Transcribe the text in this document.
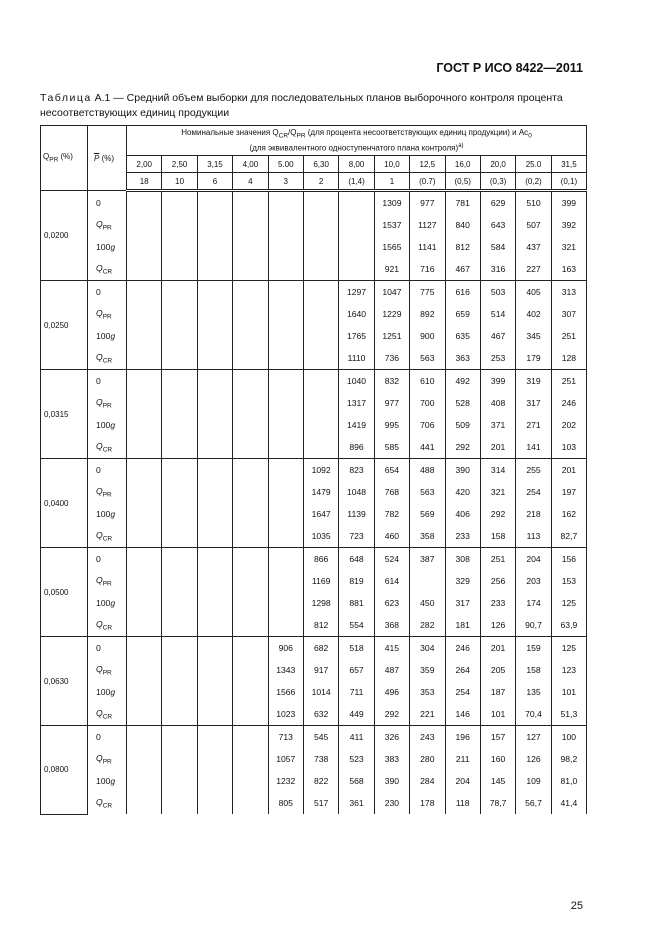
ГОСТ Р ИСО 8422—2011
Таблица А.1 — Средний объем выборки для последовательных планов выборочного контроля процента несоответствующих единиц продукции
$Q_{PR}$ (%)	$\overline{P}$ (%)	Номинальные значения $Q_{CR}/Q_{PR}$ (для процента несоответствующих единиц продукции) и $Ac_0$
(для эквивалентного одноступенчатого плана контроля)$^{a)}$
		2,00	2,50	3,15	4,00	5.00	6,30	8,00	10,0	12,5	16,0	20,0	25.0	31,5
		18	10	6	4	3	2	(1,4)	1	(0.7)	(0,5)	(0,3)	(0,2)	(0,1)
0,0200	0								1309	977	781	629	510	399
	$Q_{PR}$								1537	1127	840	643	507	392
	100g								1565	1141	812	584	437	321
	$Q_{CR}$								921	716	467	316	227	163
0,0250	0							1297	1047	775	616	503	405	313
	$Q_{PR}$							1640	1229	892	659	514	402	307
	100g							1765	1251	900	635	467	345	251
	$Q_{CR}$							1110	736	563	363	253	179	128
0,0315	0							1040	832	610	492	399	319	251
	$Q_{PR}$							1317	977	700	528	408	317	246
	100g							1419	995	706	509	371	271	202
	$Q_{CR}$							896	585	441	292	201	141	103
0,0400	0						1092	823	654	488	390	314	255	201
	$Q_{PR}$						1479	1048	768	563	420	321	254	197
	100g						1647	1139	782	569	406	292	218	162
	$Q_{CR}$						1035	723	460	358	233	158	113	82,7
0,0500	0						866	648	524	387	308	251	204	156
	$Q_{PR}$						1169	819	614		329	256	203	153
	100g						1298	881	623	450	317	233	174	125
	$Q_{CR}$						812	554	368	282	181	126	90,7	63,9
0,0630	0					906	682	518	415	304	246	201	159	125
	$Q_{PR}$					1343	917	657	487	359	264	205	158	123
	100g					1566	1014	711	496	353	254	187	135	101
	$Q_{CR}$					1023	632	449	292	221	146	101	70,4	51,3
0,0800	0					713	545	411	326	243	196	157	127	100
	$Q_{PR}$					1057	738	523	383	280	211	160	126	98,2
	100g					1232	822	568	390	284	204	145	109	81,0
	$Q_{CR}$					805	517	361	230	178	118	78,7	56,7	41,4
25
